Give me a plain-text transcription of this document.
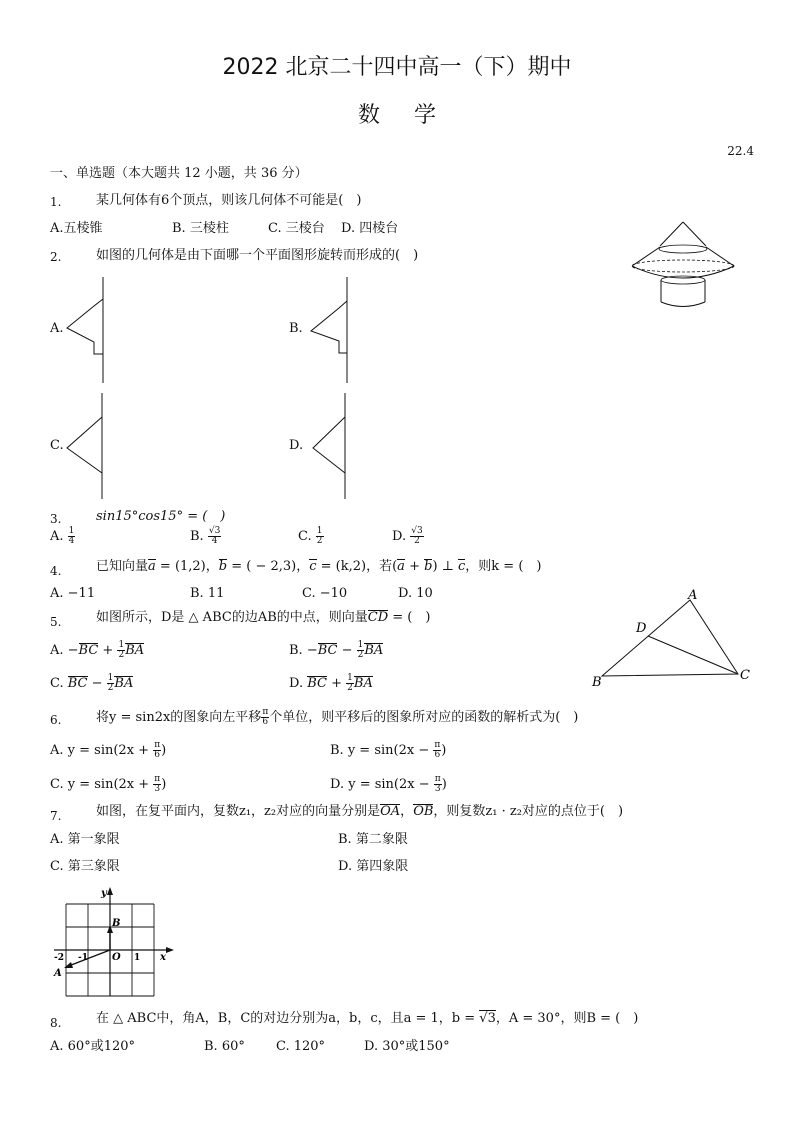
2022 北京二十四中高一（下）期中
数学
22.4
一、单选题（本大题共 12 小题，共 36 分）
1.	某几何体有6个顶点，则该几何体不可能是(　)
A.五棱锥	B. 三棱柱	C. 三棱台 D. 四棱台
2.	如图的几何体是由下面哪一个平面图形旋转而形成的(　)
A.	B.
C.	D.
3.	sin15°cos15° = (　)
A. $\frac{1}{4}$	B. $\frac{√3}{4}$	C. $\frac{1}{2}$	D. $\frac{√3}{2}$
4.	已知向量a = (1,2)，b = ( − 2,3)，c = (k,2)，若(a + b) ⊥ c，则k = (　)
A. −11	B. 11	C. −10	D. 10
5.	如图所示，D是 △ ABC的边AB的中点，则向量CD = (　)
A. $-BC + \frac{1}{2}$ BA	B. $-BC - \frac{1}{2}$ BA
C. BC − $\frac{1}{2}$ BA	D. BC + $\frac{1}{2}$ BA
A
B	C
D
6.	将y = sin2x的图象向左平移 $\frac{\pi}{6}$ 个单位，则平移后的图象所对应的函数的解析式为(　)
A. $y = \sin(2x + \frac{\pi}{6}$ )	B. $y = \sin(2x - \frac{\pi}{6}$ )
C. $y = \sin(2x + \frac{\pi}{3}$ )	D. $y = \sin(2x - \frac{\pi}{3}$ )
7.	如图，在复平面内，复数z₁，z₂对应的向量分别是OA，OB，则复数z₁ · z₂对应的点位于(　)
A. 第一象限	B. 第二象限
C. 第三象限	D. 第四象限
y
x
O
B
A
-2 -1	1
8.	在 △ ABC中，角A，B，C的对边分别为a，b，c，且a = 1，b = √3，A = 30°，则B = (　)
A. 60°或120°	B. 60° C. 120°	D. 30°或150°
